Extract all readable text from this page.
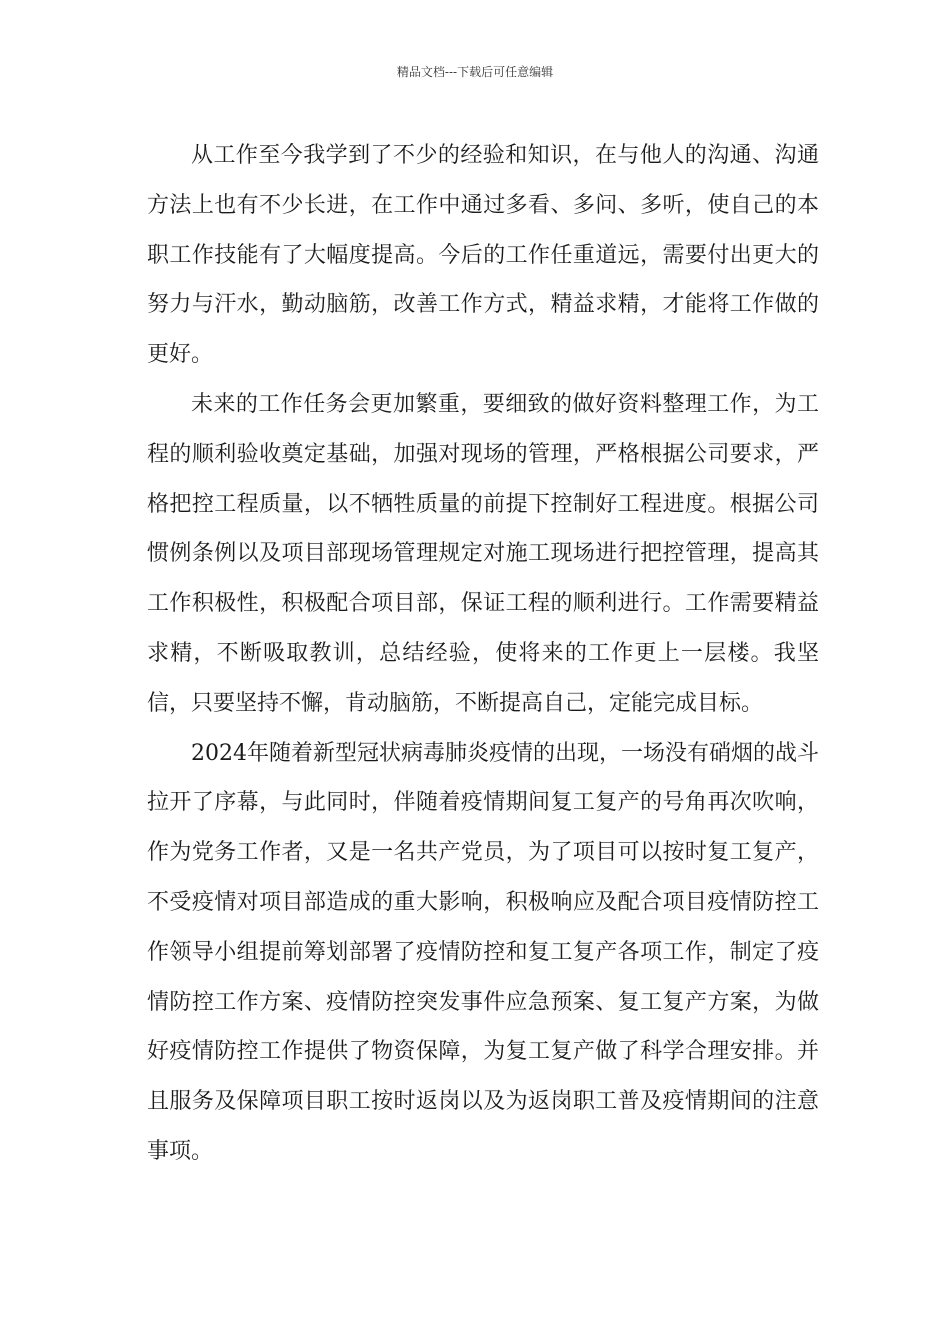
精品文档---下载后可任意编辑

从工作至今我学到了不少的经验和知识，在与他人的沟通、沟通方法上也有不少长进，在工作中通过多看、多问、多听，使自己的本职工作技能有了大幅度提高。今后的工作任重道远，需要付出更大的努力与汗水，勤动脑筋，改善工作方式，精益求精，才能将工作做的更好。

未来的工作任务会更加繁重，要细致的做好资料整理工作，为工程的顺利验收奠定基础，加强对现场的管理，严格根据公司要求，严格把控工程质量，以不牺牲质量的前提下控制好工程进度。根据公司惯例条例以及项目部现场管理规定对施工现场进行把控管理，提高其工作积极性，积极配合项目部，保证工程的顺利进行。工作需要精益求精，不断吸取教训，总结经验，使将来的工作更上一层楼。我坚信，只要坚持不懈，肯动脑筋，不断提高自己，定能完成目标。

2024年随着新型冠状病毒肺炎疫情的出现，一场没有硝烟的战斗拉开了序幕，与此同时，伴随着疫情期间复工复产的号角再次吹响，作为党务工作者，又是一名共产党员，为了项目可以按时复工复产，不受疫情对项目部造成的重大影响，积极响应及配合项目疫情防控工作领导小组提前筹划部署了疫情防控和复工复产各项工作，制定了疫情防控工作方案、疫情防控突发事件应急预案、复工复产方案，为做好疫情防控工作提供了物资保障，为复工复产做了科学合理安排。并且服务及保障项目职工按时返岗以及为返岗职工普及疫情期间的注意事项。
